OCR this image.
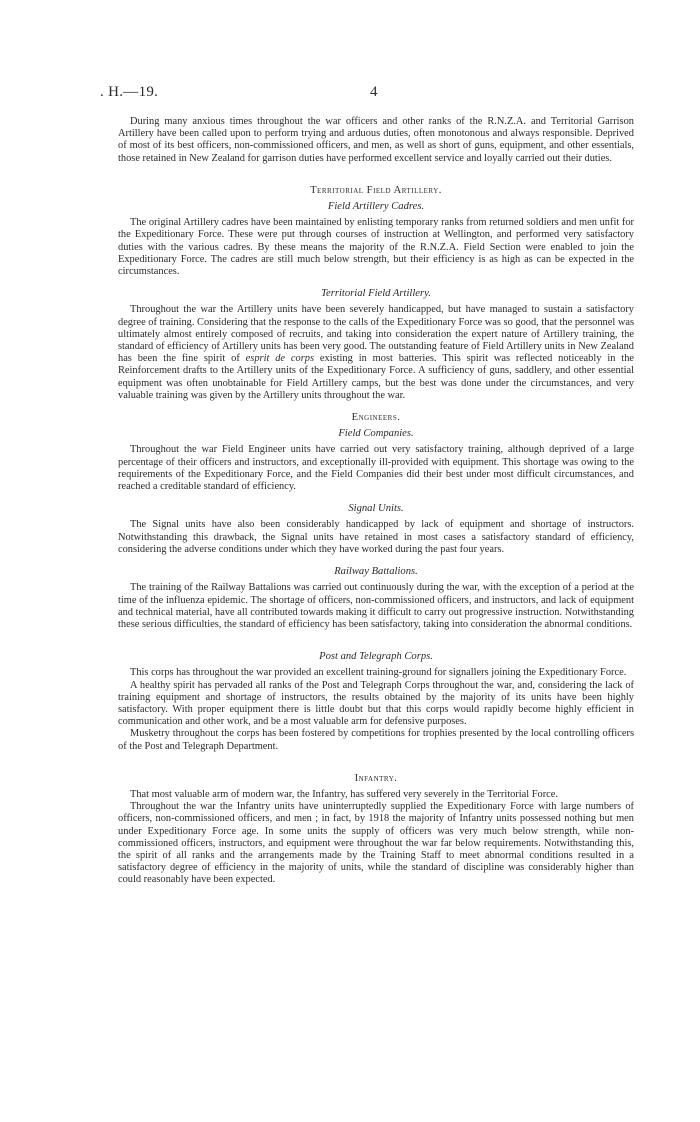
. H.—19.	4

During many anxious times throughout the war officers and other ranks of the R.N.Z.A. and Territorial Garrison Artillery have been called upon to perform trying and arduous duties, often monotonous and always responsible. Deprived of most of its best officers, non-commissioned officers, and men, as well as short of guns, equipment, and other essentials, those retained in New Zealand for garrison duties have performed excellent service and loyally carried out their duties.

Territorial Field Artillery.
Field Artillery Cadres.

The original Artillery cadres have been maintained by enlisting temporary ranks from returned soldiers and men unfit for the Expeditionary Force. These were put through courses of instruction at Wellington, and performed very satisfactory duties with the various cadres. By these means the majority of the R.N.Z.A. Field Section were enabled to join the Expeditionary Force. The cadres are still much below strength, but their efficiency is as high as can be expected in the circumstances.

Territorial Field Artillery.

Throughout the war the Artillery units have been severely handicapped, but have managed to sustain a satisfactory degree of training. Considering that the response to the calls of the Expeditionary Force was so good, that the personnel was ultimately almost entirely composed of recruits, and taking into consideration the expert nature of Artillery training, the standard of efficiency of Artillery units has been very good. The outstanding feature of Field Artillery units in New Zealand has been the fine spirit of esprit de corps existing in most batteries. This spirit was reflected noticeably in the Reinforcement drafts to the Artillery units of the Expeditionary Force. A sufficiency of guns, saddlery, and other essential equipment was often unobtainable for Field Artillery camps, but the best was done under the circumstances, and very valuable training was given by the Artillery units throughout the war.

Engineers.
Field Companies.

Throughout the war Field Engineer units have carried out very satisfactory training, although deprived of a large percentage of their officers and instructors, and exceptionally ill-provided with equipment. This shortage was owing to the requirements of the Expeditionary Force, and the Field Companies did their best under most difficult circumstances, and reached a creditable standard of efficiency.

Signal Units.

The Signal units have also been considerably handicapped by lack of equipment and shortage of instructors. Notwithstanding this drawback, the Signal units have retained in most cases a satisfactory standard of efficiency, considering the adverse conditions under which they have worked during the past four years.

Railway Battalions.

The training of the Railway Battalions was carried out continuously during the war, with the exception of a period at the time of the influenza epidemic. The shortage of officers, non-commissioned officers, and instructors, and lack of equipment and technical material, have all contributed towards making it difficult to carry out progressive instruction. Notwithstanding these serious difficulties, the standard of efficiency has been satisfactory, taking into consideration the abnormal conditions.

Post and Telegraph Corps.

This corps has throughout the war provided an excellent training-ground for signallers joining the Expeditionary Force.

A healthy spirit has pervaded all ranks of the Post and Telegraph Corps throughout the war, and, considering the lack of training equipment and shortage of instructors, the results obtained by the majority of its units have been highly satisfactory. With proper equipment there is little doubt but that this corps would rapidly become highly efficient in communication and other work, and be a most valuable arm for defensive purposes.

Musketry throughout the corps has been fostered by competitions for trophies presented by the local controlling officers of the Post and Telegraph Department.

Infantry.

That most valuable arm of modern war, the Infantry, has suffered very severely in the Territorial Force.

Throughout the war the Infantry units have uninterruptedly supplied the Expeditionary Force with large numbers of officers, non-commissioned officers, and men ; in fact, by 1918 the majority of Infantry units possessed nothing but men under Expeditionary Force age. In some units the supply of officers was very much below strength, while non-commissioned officers, instructors, and equipment were throughout the war far below requirements. Notwithstanding this, the spirit of all ranks and the arrangements made by the Training Staff to meet abnormal conditions resulted in a satisfactory degree of efficiency in the majority of units, while the standard of discipline was considerably higher than could reasonably have been expected.
